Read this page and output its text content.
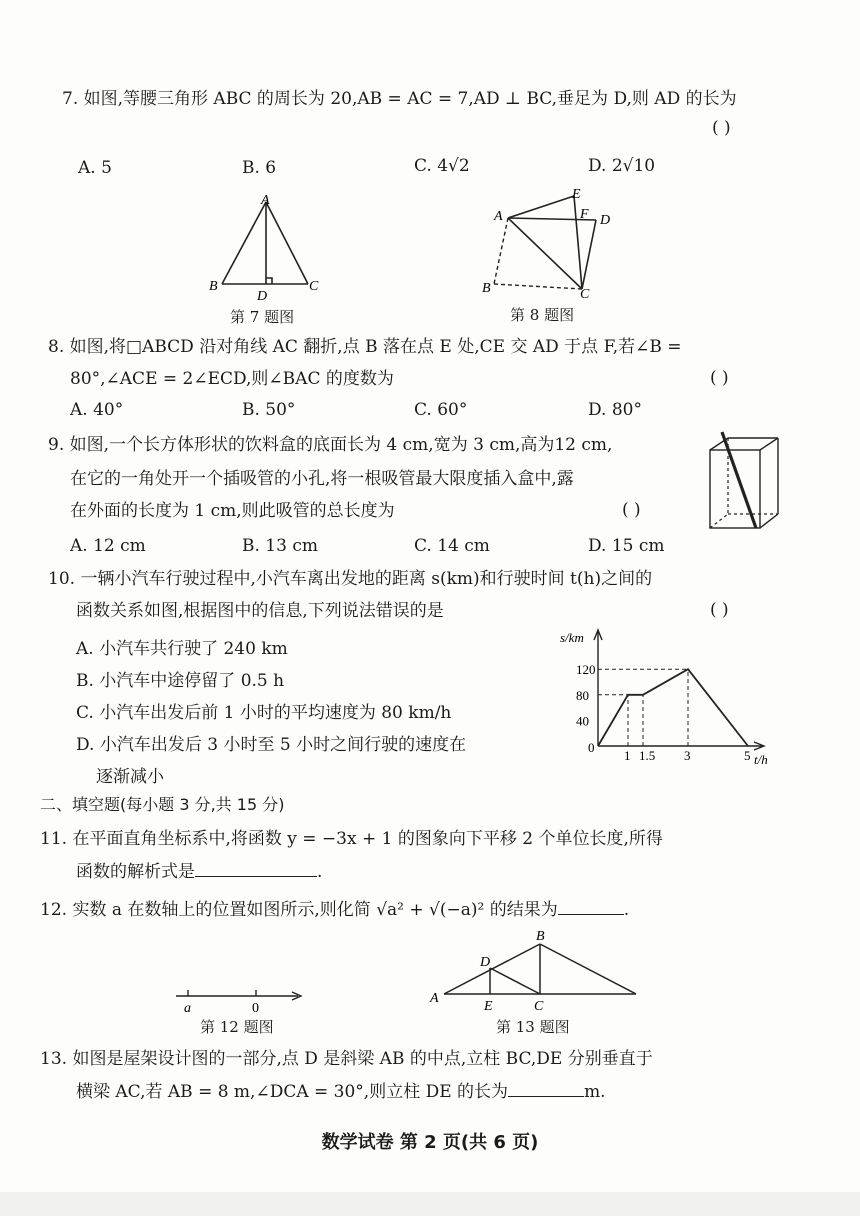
7. 如图,等腰三角形 ABC 的周长为 20,AB = AC = 7,AD ⊥ BC,垂足为 D,则 AD 的长为
( )
A. 5	B. 6	C. 4√2	D. 2√10
A
B	C
D
第 7 题图
E
F
A	D
B	C
第 8 题图
8. 如图,将□ABCD 沿对角线 AC 翻折,点 B 落在点 E 处,CE 交 AD 于点 F,若∠B =
80°,∠ACE = 2∠ECD,则∠BAC 的度数为	( )
A. 40°	B. 50°	C. 60°	D. 80°
9. 如图,一个长方体形状的饮料盒的底面长为 4 cm,宽为 3 cm,高为12 cm,
在它的一角处开一个插吸管的小孔,将一根吸管最大限度插入盒中,露
在外面的长度为 1 cm,则此吸管的总长度为	( )
A. 12 cm	B. 13 cm	C. 14 cm	D. 15 cm
10. 一辆小汽车行驶过程中,小汽车离出发地的距离 s(km)和行驶时间 t(h)之间的
函数关系如图,根据图中的信息,下列说法错误的是	( )
A. 小汽车共行驶了 240 km
B. 小汽车中途停留了 0.5 h
C. 小汽车出发后前 1 小时的平均速度为 80 km/h
D. 小汽车出发后 3 小时至 5 小时之间行驶的速度在
逐渐减小
40
80
120
1 1.5 3	5
s/km
t/h
0
二、填空题(每小题 3 分,共 15 分)
11. 在平面直角坐标系中,将函数 y = −3x + 1 的图象向下平移 2 个单位长度,所得
函数的解析式是	.
12. 实数 a 在数轴上的位置如图所示,则化简 √a² + √(−a)² 的结果为	.
a	0
第 12 题图
B
D
A
E	C
第 13 题图
13. 如图是屋架设计图的一部分,点 D 是斜梁 AB 的中点,立柱 BC,DE 分别垂直于
横梁 AC,若 AB = 8 m,∠DCA = 30°,则立柱 DE 的长为	m.
数学试卷 第 2 页(共 6 页)
